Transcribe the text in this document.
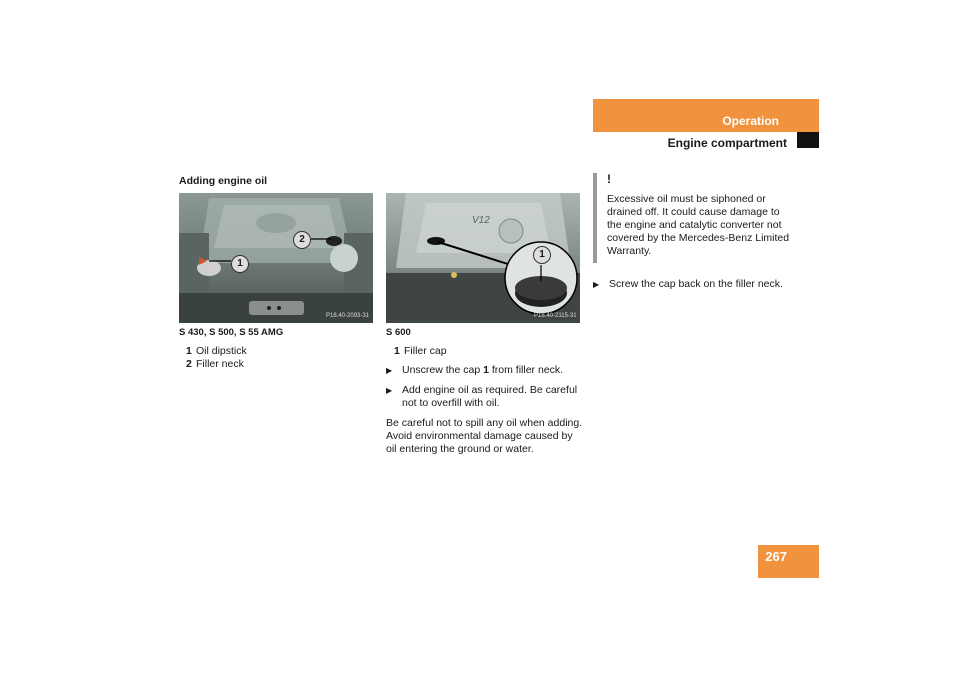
Operation
Engine compartment
Adding engine oil
1
2
P18.40-2093-31
S 430, S 500, S 55 AMG
1 Oil dipstick
2 Filler neck
V12
1
P18.40-2115-31
S 600
1 Filler cap
▶ Unscrew the cap 1 from filler neck.
▶ Add engine oil as required. Be careful not to overfill with oil.
Be careful not to spill any oil when adding. Avoid environmental damage caused by oil entering the ground or water.
!
Excessive oil must be siphoned or drained off. It could cause damage to the engine and catalytic converter not covered by the Mercedes-Benz Limited Warranty.
▶ Screw the cap back on the filler neck.
267
